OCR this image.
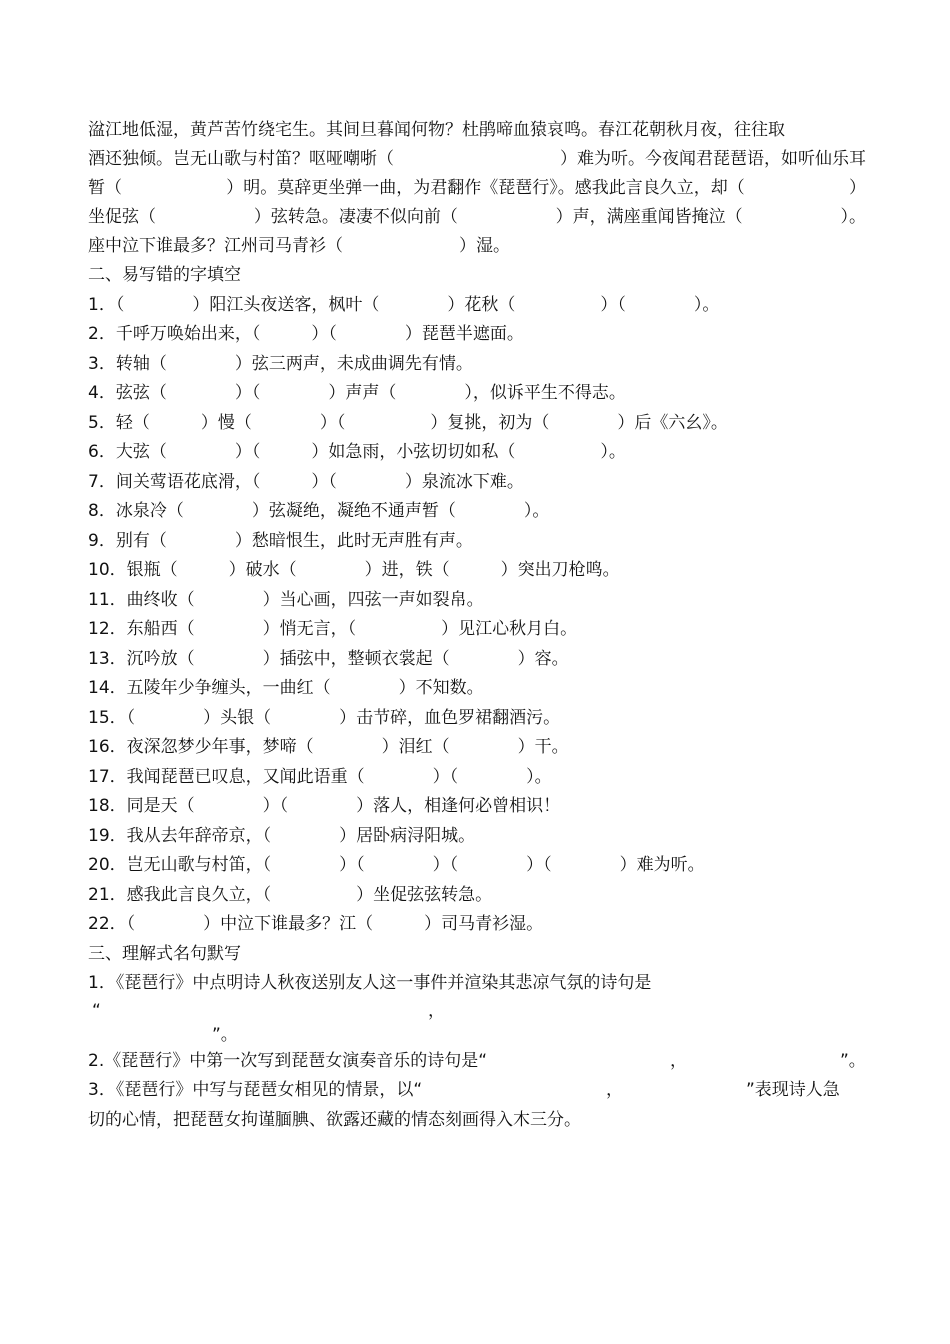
湓江地低湿，黄芦苦竹绕宅生。其间旦暮闻何物？杜鹃啼血猿哀鸣。春江花朝秋月夜，往往取
酒还独倾。岂无山歌与村笛？呕哑嘲哳（	）难为听。今夜闻君琵琶语，如听仙乐耳
暂（	）明。莫辞更坐弹一曲，为君翻作《琵琶行》。感我此言良久立，却（	）
坐促弦（	）弦转急。凄凄不似向前（	）声，满座重闻皆掩泣（	）。
座中泣下谁最多？江州司马青衫（	）湿。
二、易写错的字填空
1．（　　　　）阳江头夜送客，枫叶（　　　　）花秋（　　　　　）（　　　　）。
2．千呼万唤始出来，（　　　）（　　　　）琵琶半遮面。
3．转轴（　　　　）弦三两声，未成曲调先有情。
4．弦弦（　　　　）（　　　　）声声（　　　　），似诉平生不得志。
5．轻（　　　）慢（　　　　）（　　　　　）复挑，初为（　　　　）后《六幺》。
6．大弦（　　　　）（　　　）如急雨，小弦切切如私（　　　　　）。
7．间关莺语花底滑，（　　　）（　　　　）泉流冰下难。
8．冰泉冷（　　　　）弦凝绝，凝绝不通声暂（　　　　）。
9．别有（　　　　）愁暗恨生，此时无声胜有声。
10．银瓶（　　　）破水（　　　　）进，铁（　　　）突出刀枪鸣。
11．曲终收（　　　　）当心画，四弦一声如裂帛。
12．东船西（　　　　）悄无言，（　　　　　）见江心秋月白。
13．沉吟放（　　　　）插弦中，整顿衣裳起（　　　　）容。
14．五陵年少争缠头，一曲红（　　　　）不知数。
15．（　　　　）头银（　　　　）击节碎，血色罗裙翻酒污。
16．夜深忽梦少年事，梦啼（　　　　）泪红（　　　　）干。
17．我闻琵琶已叹息，又闻此语重（　　　　）（　　　　）。
18．同是天（　　　　）（　　　　）落人，相逢何必曾相识！
19．我从去年辞帝京，（　　　　）居卧病浔阳城。
20．岂无山歌与村笛，（　　　　）（　　　　）（　　　　）（　　　　）难为听。
21．感我此言良久立，（　　　　　）坐促弦弦转急。
22．（　　　　）中泣下谁最多？江（　　　）司马青衫湿。
三、理解式名句默写
1．《琵琶行》中点明诗人秋夜送别友人这一事件并渲染其悲凉气氛的诗句是
“	，
”。
2.《琵琶行》中第一次写到琵琶女演奏音乐的诗句是“	，	”。
3．《琵琶行》中写与琵琶女相见的情景，以“	，	”表现诗人急
切的心情，把琵琶女拘谨腼腆、欲露还藏的情态刻画得入木三分。
